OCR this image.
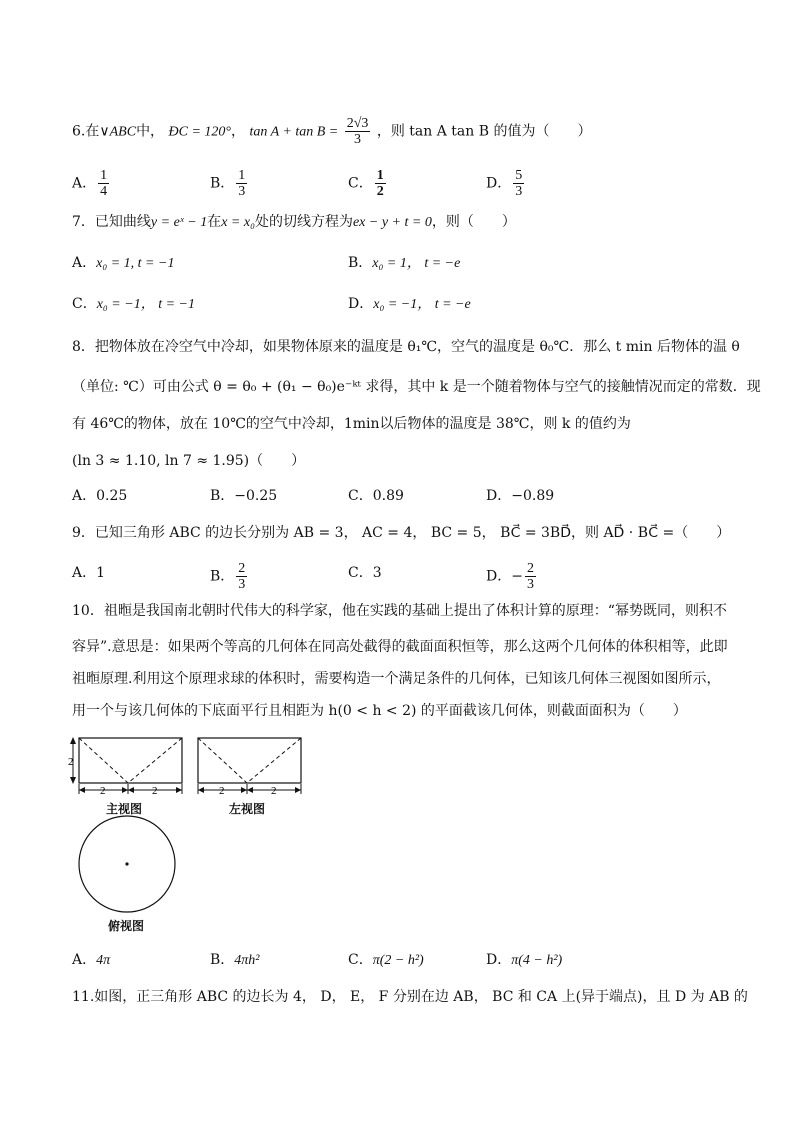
6.在∨ABC中， ÐC = 120°， $\tan A + \tan B = \frac{2√3}{3}$ ，则 tan A tan B 的值为（　　）
A． $\frac{1}{4}$	B． $\frac{1}{3}$	C． $\frac{1}{2}$	D． $\frac{5}{3}$
7．已知曲线y = eˣ − 1在x = x₀处的切线方程为ex − y + t = 0，则（　　）
A．x₀ = 1, t = −1	B．x₀ = 1， t = −e
C．x₀ = −1， t = −1	D．x₀ = −1， t = −e
8．把物体放在冷空气中冷却，如果物体原来的温度是 θ₁℃，空气的温度是 θ₀℃．那么 t min 后物体的温 θ
（单位: ℃）可由公式 θ = θ₀ + (θ₁ − θ₀)e⁻ᵏᵗ 求得，其中 k 是一个随着物体与空气的接触情况而定的常数．现
有 46℃的物体，放在 10℃的空气中冷却，1min以后物体的温度是 38℃，则 k 的值约为
(ln 3 ≈ 1.10, ln 7 ≈ 1.95)（　　）
A．0.25	B．−0.25	C．0.89	D．−0.89
9．已知三角形 ABC 的边长分别为 AB = 3， AC = 4， BC = 5， BC⃗ = 3BD⃗，则 AD⃗ · BC⃗ =（　　）
A．1	B． $\frac{2}{3}$	C．3	D．− $\frac{2}{3}$
10．祖暅是我国南北朝时代伟大的科学家，他在实践的基础上提出了体积计算的原理：“幂势既同，则积不
容异”.意思是：如果两个等高的几何体在同高处截得的截面面积恒等，那么这两个几何体的体积相等，此即
祖暅原理.利用这个原理求球的体积时，需要构造一个满足条件的几何体，已知该几何体三视图如图所示，
用一个与该几何体的下底面平行且相距为 h(0 < h < 2) 的平面截该几何体，则截面面积为（　　）
2
2	2	2	2
主视图	左视图
俯视图
A．4π	B．4πh²	C．π(2 − h²)	D．π(4 − h²)
11.如图，正三角形 ABC 的边长为 4， D， E， F 分别在边 AB， BC 和 CA 上(异于端点)，且 D 为 AB 的
